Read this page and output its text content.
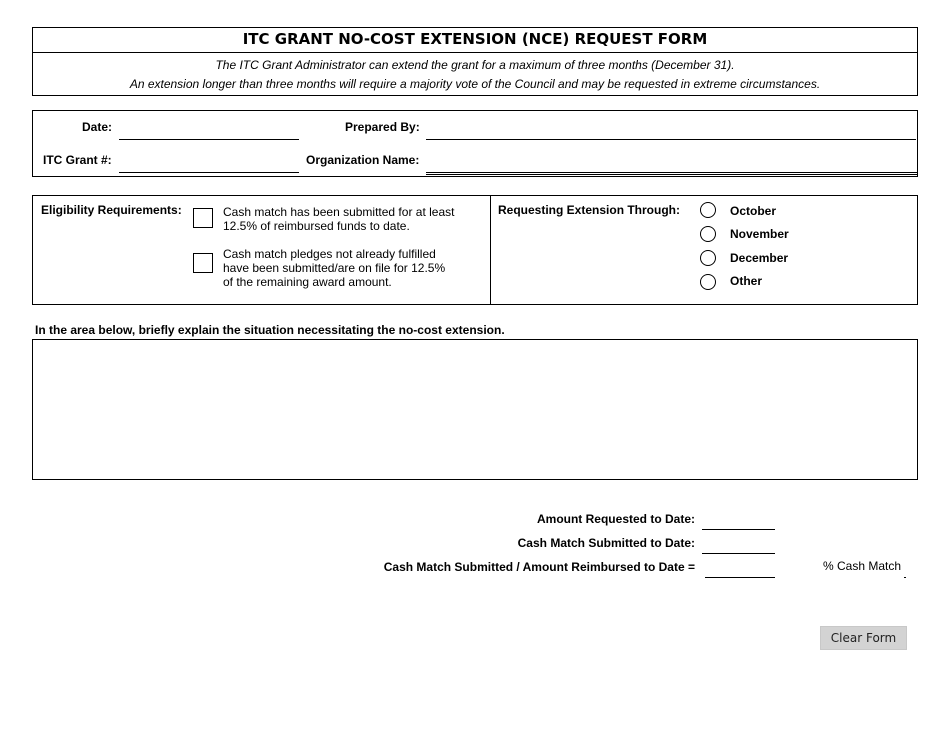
ITC GRANT NO-COST EXTENSION (NCE) REQUEST FORM
The ITC Grant Administrator can extend the grant for a maximum of three months (December 31).
An extension longer than three months will require a majority vote of the Council and may be requested in extreme circumstances.
Date:	Prepared By:
ITC Grant #:	Organization Name:
Eligibility Requirements:	Cash match has been submitted for at least
12.5% of reimbursed funds to date.
Cash match pledges not already fulfilled
have been submitted/are on file for 12.5%
of the remaining award amount.
Requesting Extension Through:	October
November
December
Other
In the area below, briefly explain the situation necessitating the no-cost extension.
Amount Requested to Date:
Cash Match Submitted to Date:
Cash Match Submitted / Amount Reimbursed to Date =	% Cash Match
Clear Form
